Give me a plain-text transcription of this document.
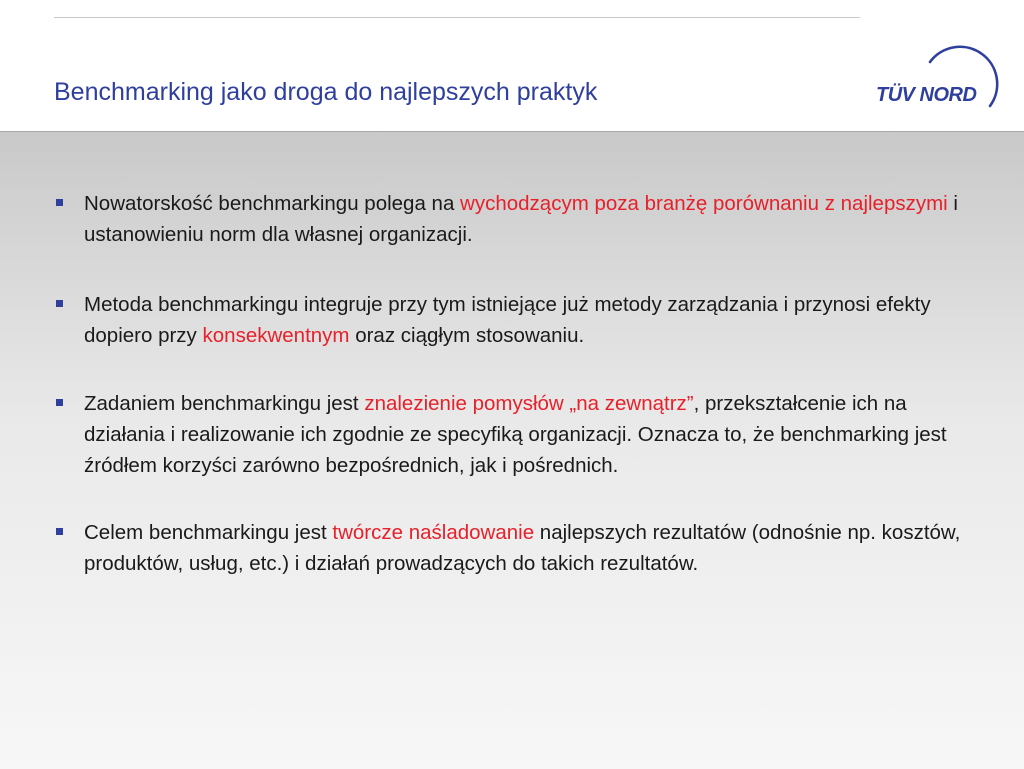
Benchmarking jako droga do najlepszych praktyk	TÜV NORD
Nowatorskość benchmarkingu polega na wychodzącym poza branżę porównaniu z najlepszymi i ustanowieniu norm dla własnej organizacji.
Metoda benchmarkingu integruje przy tym istniejące już metody zarządzania i przynosi efekty dopiero przy konsekwentnym oraz ciągłym stosowaniu.
Zadaniem benchmarkingu jest znalezienie pomysłów „na zewnątrz”, przekształcenie ich na działania i realizowanie ich zgodnie ze specyfiką organizacji. Oznacza to, że benchmarking jest źródłem korzyści zarówno bezpośrednich, jak i pośrednich.
Celem benchmarkingu jest twórcze naśladowanie najlepszych rezultatów (odnośnie np. kosztów, produktów, usług, etc.) i działań prowadzących do takich rezultatów.
